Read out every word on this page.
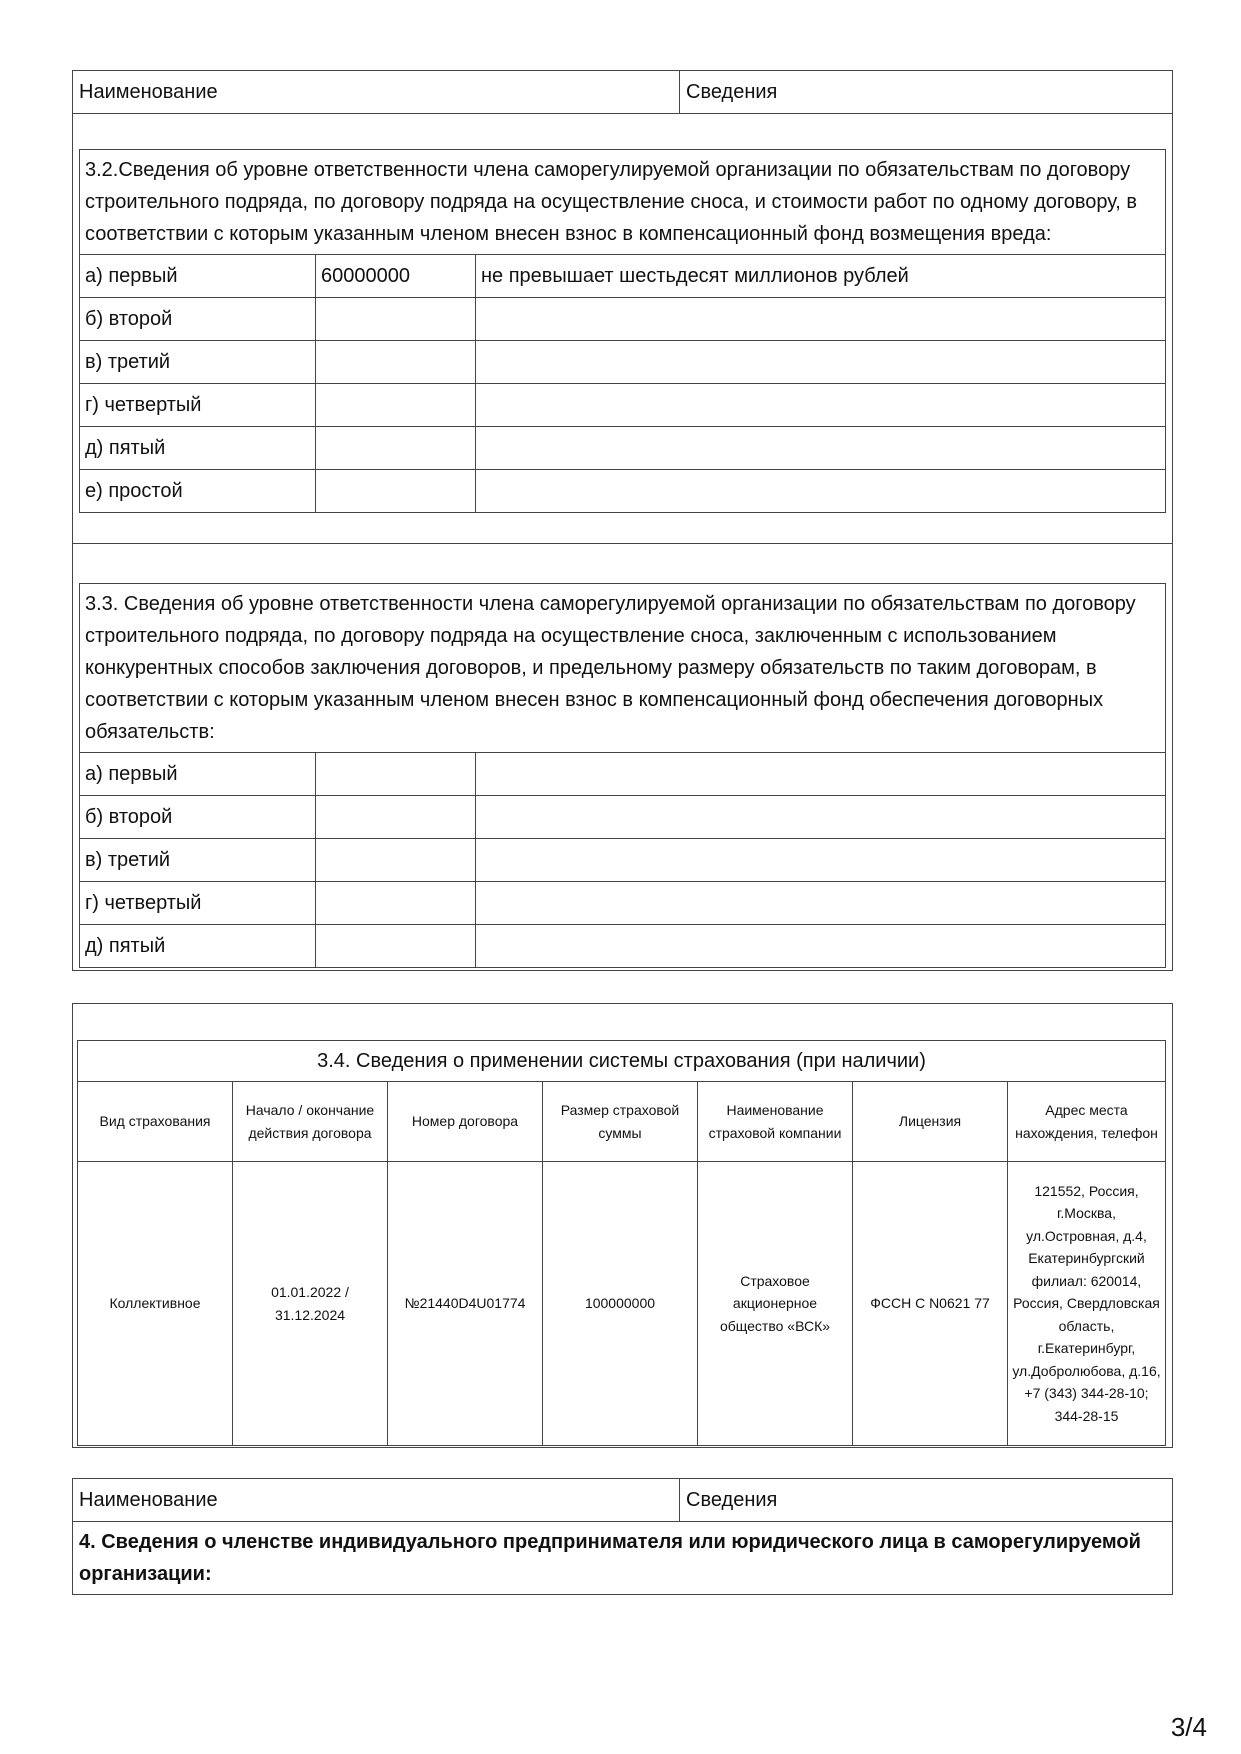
Наименование	Сведения
3.2.Сведения об уровне ответственности члена саморегулируемой организации по обязательствам по договору строительного подряда, по договору подряда на осуществление сноса, и стоимости работ по одному договору, в соответствии с которым указанным членом внесен взнос в компенсационный фонд возмещения вреда:		
а) первый	60000000	не превышает шестьдесят миллионов рублей
б) второй		
в) третий		
г) четвертый		
д) пятый		
е) простой		
3.3. Сведения об уровне ответственности члена саморегулируемой организации по обязательствам по договору строительного подряда, по договору подряда на осуществление сноса, заключенным с использованием конкурентных способов заключения договоров, и предельному размеру обязательств по таким договорам, в соответствии с которым указанным членом внесен взнос в компенсационный фонд обеспечения договорных обязательств:		
а) первый		
б) второй		
в) третий		
г) четвертый		
д) пятый		
3.4. Сведения о применении системы страхования (при наличии)						
Вид страхования	Начало / окончание действия договора	Номер договора	Размер страховой суммы	Наименование страховой компании	Лицензия	Адрес места нахождения, телефон
Коллективное	01.01.2022 / 31.12.2024	№21440D4U01774	100000000	Страховое акционерное общество «ВСК»	ФССН С N0621 77	121552, Россия, г.Москва, ул.Островная, д.4, Екатеринбургский филиал: 620014, Россия, Свердловская область, г.Екатеринбург, ул.Добролюбова, д.16, +7 (343) 344-28-10; 344-28-15
Наименование	Сведения
4. Сведения о членстве индивидуального предпринимателя или юридического лица в саморегулируемой организации:
3/4
